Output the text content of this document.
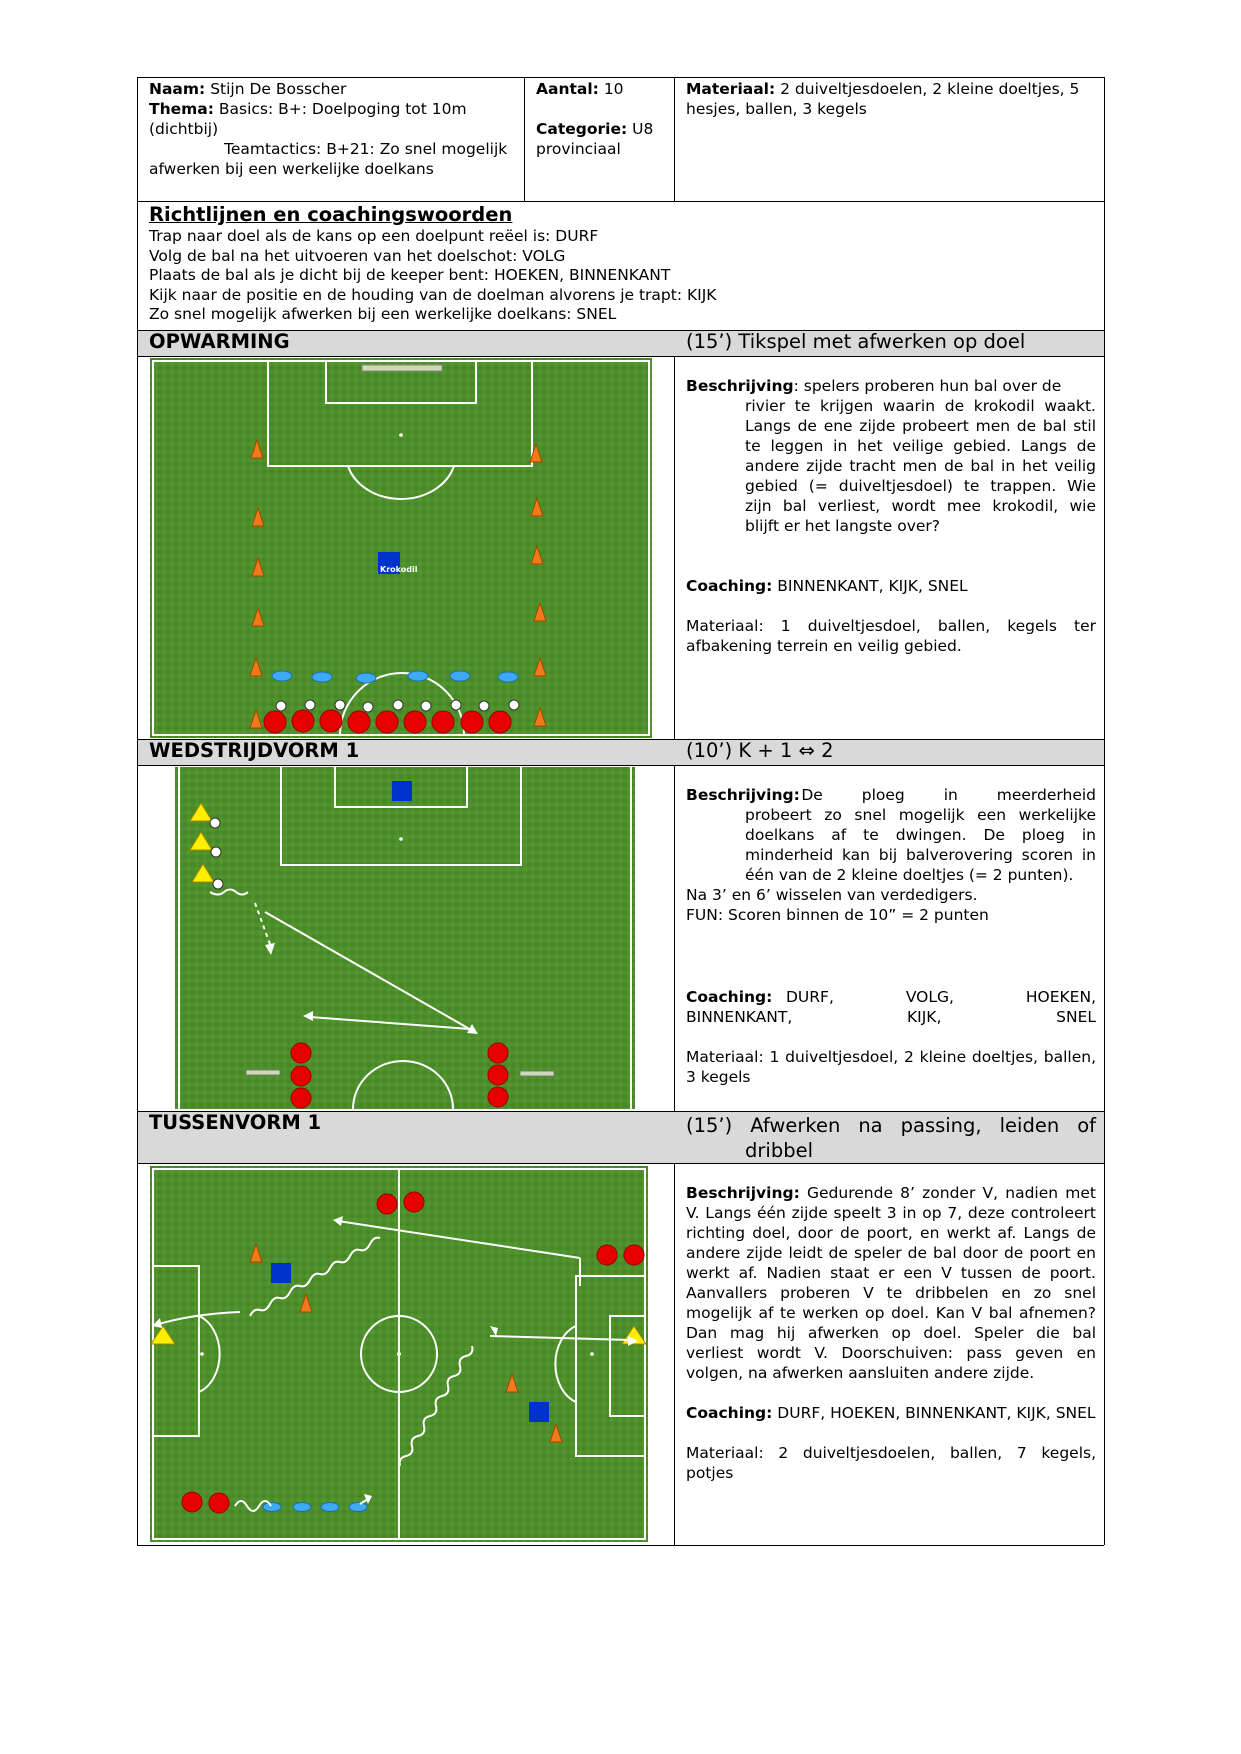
Naam: Stijn De Bosscher
Thema: Basics: B+: Doelpoging tot 10m (dichtbij)
Teamtactics: B+21: Zo snel mogelijk afwerken bij een werkelijke doelkans
Aantal: 10
Categorie: U8 provinciaal
Materiaal: 2 duiveltjesdoelen, 2 kleine doeltjes, 5 hesjes, ballen, 3 kegels
Richtlijnen en coachingswoorden
Trap naar doel als de kans op een doelpunt reëel is: DURF
Volg de bal na het uitvoeren van het doelschot: VOLG
Plaats de bal als je dicht bij de keeper bent: HOEKEN, BINNENKANT
Kijk naar de positie en de houding van de doelman alvorens je trapt: KIJK
Zo snel mogelijk afwerken bij een werkelijke doelkans: SNEL
OPWARMING	(15’) Tikspel met afwerken op doel
Krokodil
Beschrijving: spelers proberen hun bal over de
rivier te krijgen waarin de krokodil waakt. Langs de ene zijde probeert men de bal stil te leggen in het veilige gebied. Langs de andere zijde tracht men de bal in het veilig gebied (= duiveltjesdoel) te trappen. Wie zijn bal verliest, wordt mee krokodil, wie blijft er het langste over?
Coaching: BINNENKANT, KIJK, SNEL
Materiaal: 1 duiveltjesdoel, ballen, kegels ter afbakening terrein en veilig gebied.
WEDSTRIJDVORM 1	(10’) K + 1 ⇔ 2
Beschrijving: De ploeg in meerderheid
probeert zo snel mogelijk een werkelijke doelkans af te dwingen. De ploeg in minderheid kan bij balverovering scoren in één van de 2 kleine doeltjes (= 2 punten).
Na 3’ en 6’ wisselen van verdedigers.
FUN: Scoren binnen de 10” = 2 punten
Coaching: DURF, VOLG, HOEKEN, BINNENKANT, KIJK, SNEL
Materiaal: 1 duiveltjesdoel, 2 kleine doeltjes, ballen, 3 kegels
TUSSENVORM 1	(15’) Afwerken na passing, leiden of dribbel
Beschrijving: Gedurende 8’ zonder V, nadien met V. Langs één zijde speelt 3 in op 7, deze controleert richting doel, door de poort, en werkt af. Langs de andere zijde leidt de speler de bal door de poort en werkt af. Nadien staat er een V tussen de poort. Aanvallers proberen V te dribbelen en zo snel mogelijk af te werken op doel. Kan V bal afnemen? Dan mag hij afwerken op doel. Speler die bal verliest wordt V. Doorschuiven: pass geven en volgen, na afwerken aansluiten andere zijde.
Coaching: DURF, HOEKEN, BINNENKANT, KIJK, SNEL
Materiaal: 2 duiveltjesdoelen, ballen, 7 kegels, potjes
